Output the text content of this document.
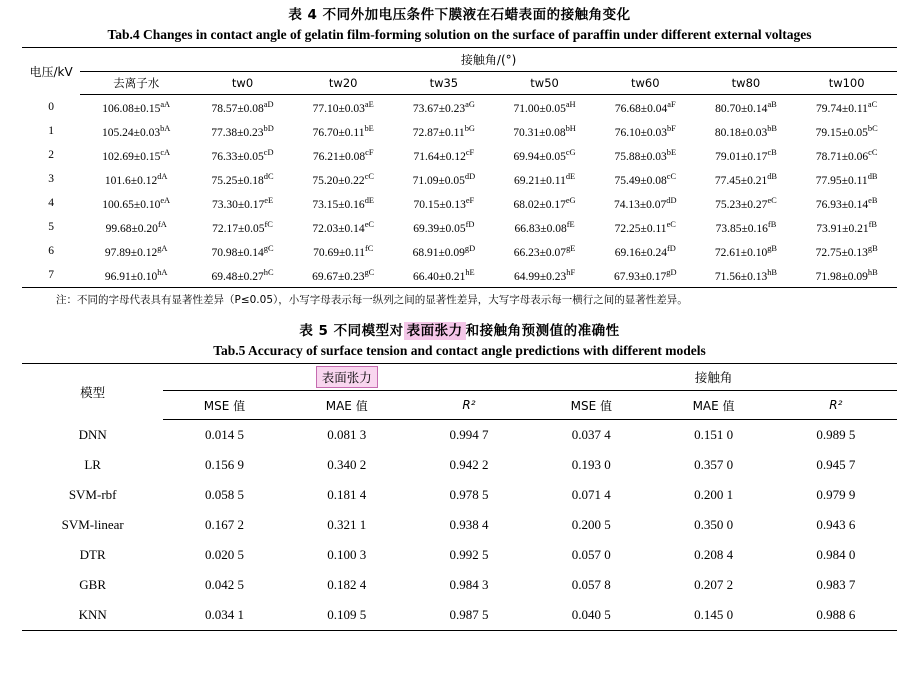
表 4 不同外加电压条件下膜液在石蜡表面的接触角变化
Tab.4 Changes in contact angle of gelatin film-forming solution on the surface of paraffin under different external voltages
电压/kV	接触角/(°)							
	去离子水	tw0	tw20	tw35	tw50	tw60	tw80	tw100
0	$106.08\pm 0.15^{aA}$	$78.57\pm 0.08^{aD}$	$77.10\pm 0.03^{aE}$	$73.67\pm 0.23^{aG}$	$71.00\pm 0.05^{aH}$	$76.68\pm 0.04^{aF}$	$80.70\pm 0.14^{aB}$	$79.74\pm 0.11^{aC}$
1	$105.24\pm 0.03^{bA}$	$77.38\pm 0.23^{bD}$	$76.70\pm 0.11^{bE}$	$72.87\pm 0.11^{bG}$	$70.31\pm 0.08^{bH}$	$76.10\pm 0.03^{bF}$	$80.18\pm 0.03^{bB}$	$79.15\pm 0.05^{bC}$
2	$102.69\pm 0.15^{cA}$	$76.33\pm 0.05^{cD}$	$76.21\pm 0.08^{cF}$	$71.64\pm 0.12^{cF}$	$69.94\pm 0.05^{cG}$	$75.88\pm 0.03^{bE}$	$79.01\pm 0.17^{cB}$	$78.71\pm 0.06^{cC}$
3	$101.6\pm 0.12^{dA}$	$75.25\pm 0.18^{dC}$	$75.20\pm 0.22^{cC}$	$71.09\pm 0.05^{dD}$	69.21±0.11dE	$75.49\pm 0.08^{cC}$	$77.45\pm 0.21^{dB}$	$77.95\pm 0.11^{dB}$
4	$100.65\pm 0.10^{eA}$	$73.30\pm 0.17^{eE}$	73.15±0.16dE	$70.15\pm 0.13^{eF}$	$68.02\pm 0.17^{eG}$	$74.13\pm 0.07^{dD}$	$75.23\pm 0.27^{eC}$	$76.93\pm 0.14^{eB}$
5	$99.68\pm 0.20^{fA}$	$72.17\pm 0.05^{fC}$	$72.03\pm 0.14^{eC}$	$69.39\pm 0.05^{fD}$	$66.83\pm 0.08^{fE}$	$72.25\pm 0.11^{eC}$	$73.85\pm 0.16^{fB}$	$73.91\pm 0.21^{fB}$
6	$97.89\pm 0.12^{gA}$	$70.98\pm 0.14^{gC}$	$70.69\pm 0.11^{fC}$	$68.91\pm 0.09^{gD}$	$66.23\pm 0.07^{gE}$	$69.16\pm 0.24^{fD}$	$72.61\pm 0.10^{gB}$	$72.75\pm 0.13^{gB}$
7	$96.91\pm 0.10^{hA}$	$69.48\pm 0.27^{hC}$	$69.67\pm 0.23^{gC}$	$66.40\pm 0.21^{hE}$	$64.99\pm 0.23^{hF}$	$67.93\pm 0.17^{gD}$	$71.56\pm 0.13^{hB}$	$71.98\pm 0.09^{hB}$
注：不同的字母代表具有显著性差异（P≤0.05），小写字母表示每一纵列之间的显著性差异，大写字母表示每一横行之间的显著性差异。
表 5 不同模型对 表面张力 和接触角预测值的准确性
Tab.5 Accuracy of surface tension and contact angle predictions with different models
模型	表面张力			接触角		
	MSE 值	MAE 值	R²	MSE 值	MAE 值	R²
DNN	0.014 5	0.081 3	0.994 7	0.037 4	0.151 0	0.989 5
LR	0.156 9	0.340 2	0.942 2	0.193 0	0.357 0	0.945 7
SVM-rbf	0.058 5	0.181 4	0.978 5	0.071 4	0.200 1	0.979 9
SVM-linear	0.167 2	0.321 1	0.938 4	0.200 5	0.350 0	0.943 6
DTR	0.020 5	0.100 3	0.992 5	0.057 0	0.208 4	0.984 0
GBR	0.042 5	0.182 4	0.984 3	0.057 8	0.207 2	0.983 7
KNN	0.034 1	0.109 5	0.987 5	0.040 5	0.145 0	0.988 6
